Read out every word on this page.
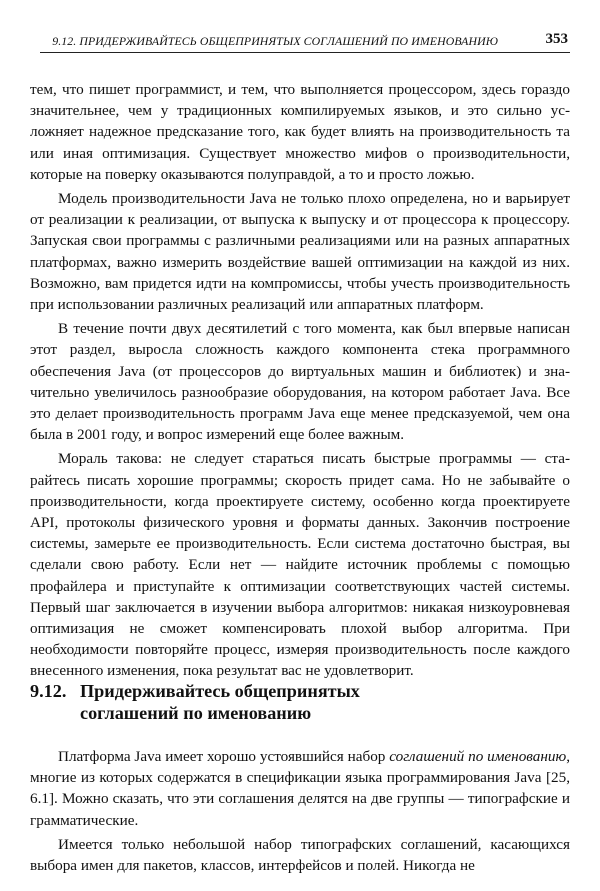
9.12. ПРИДЕРЖИВАЙТЕСЬ ОБЩЕПРИНЯТЫХ СОГЛАШЕНИЙ ПО ИМЕНОВАНИЮ	353

тем, что пишет программист, и тем, что выполняется процессором, здесь гораздо значительнее, чем у традиционных компилируемых языков, и это сильно усложняет надежное предсказание того, как будет влиять на производительность та или иная оптимизация. Существует множество мифов о производительности, которые на поверку оказываются полуправдой, а то и просто ложью.

Модель производительности Java не только плохо определена, но и варьирует от реализации к реализации, от выпуска к выпуску и от процессора к процессору. Запуская свои программы с различными реализациями или на разных аппаратных платформах, важно измерить воздействие вашей оптимизации на каждой из них. Возможно, вам придется идти на компромиссы, чтобы учесть производительность при использовании различных реализаций или аппаратных платформ.

В течение почти двух десятилетий с того момента, как был впервые написан этот раздел, выросла сложность каждого компонента стека программного обеспечения Java (от процессоров до виртуальных машин и библиотек) и значительно увеличилось разнообразие оборудования, на котором работает Java. Все это делает производительность программ Java еще менее предсказуемой, чем она была в 2001 году, и вопрос измерений еще более важным.

Мораль такова: не следует стараться писать быстрые программы — старайтесь писать хорошие программы; скорость придет сама. Но не забывайте о производительности, когда проектируете систему, особенно когда проектируете API, протоколы физического уровня и форматы данных. Закончив построение системы, замерьте ее производительность. Если система достаточно быстрая, вы сделали свою работу. Если нет — найдите источник проблемы с помощью профайлера и приступайте к оптимизации соответствующих частей системы. Первый шаг заключается в изучении выбора алгоритмов: никакая низкоуровневая оптимизация не сможет компенсировать плохой выбор алгоритма. При необходимости повторяйте процесс, измеряя производительность после каждого внесенного изменения, пока результат вас не удовлетворит.

9.12. Придерживайтесь общепринятых
соглашений по именованию

Платформа Java имеет хорошо устоявшийся набор соглашений по именованию, многие из которых содержатся в спецификации языка программирования Java [25, 6.1]. Можно сказать, что эти соглашения делятся на две группы — типографские и грамматические.

Имеется только небольшой набор типографских соглашений, касающихся выбора имен для пакетов, классов, интерфейсов и полей. Никогда не
